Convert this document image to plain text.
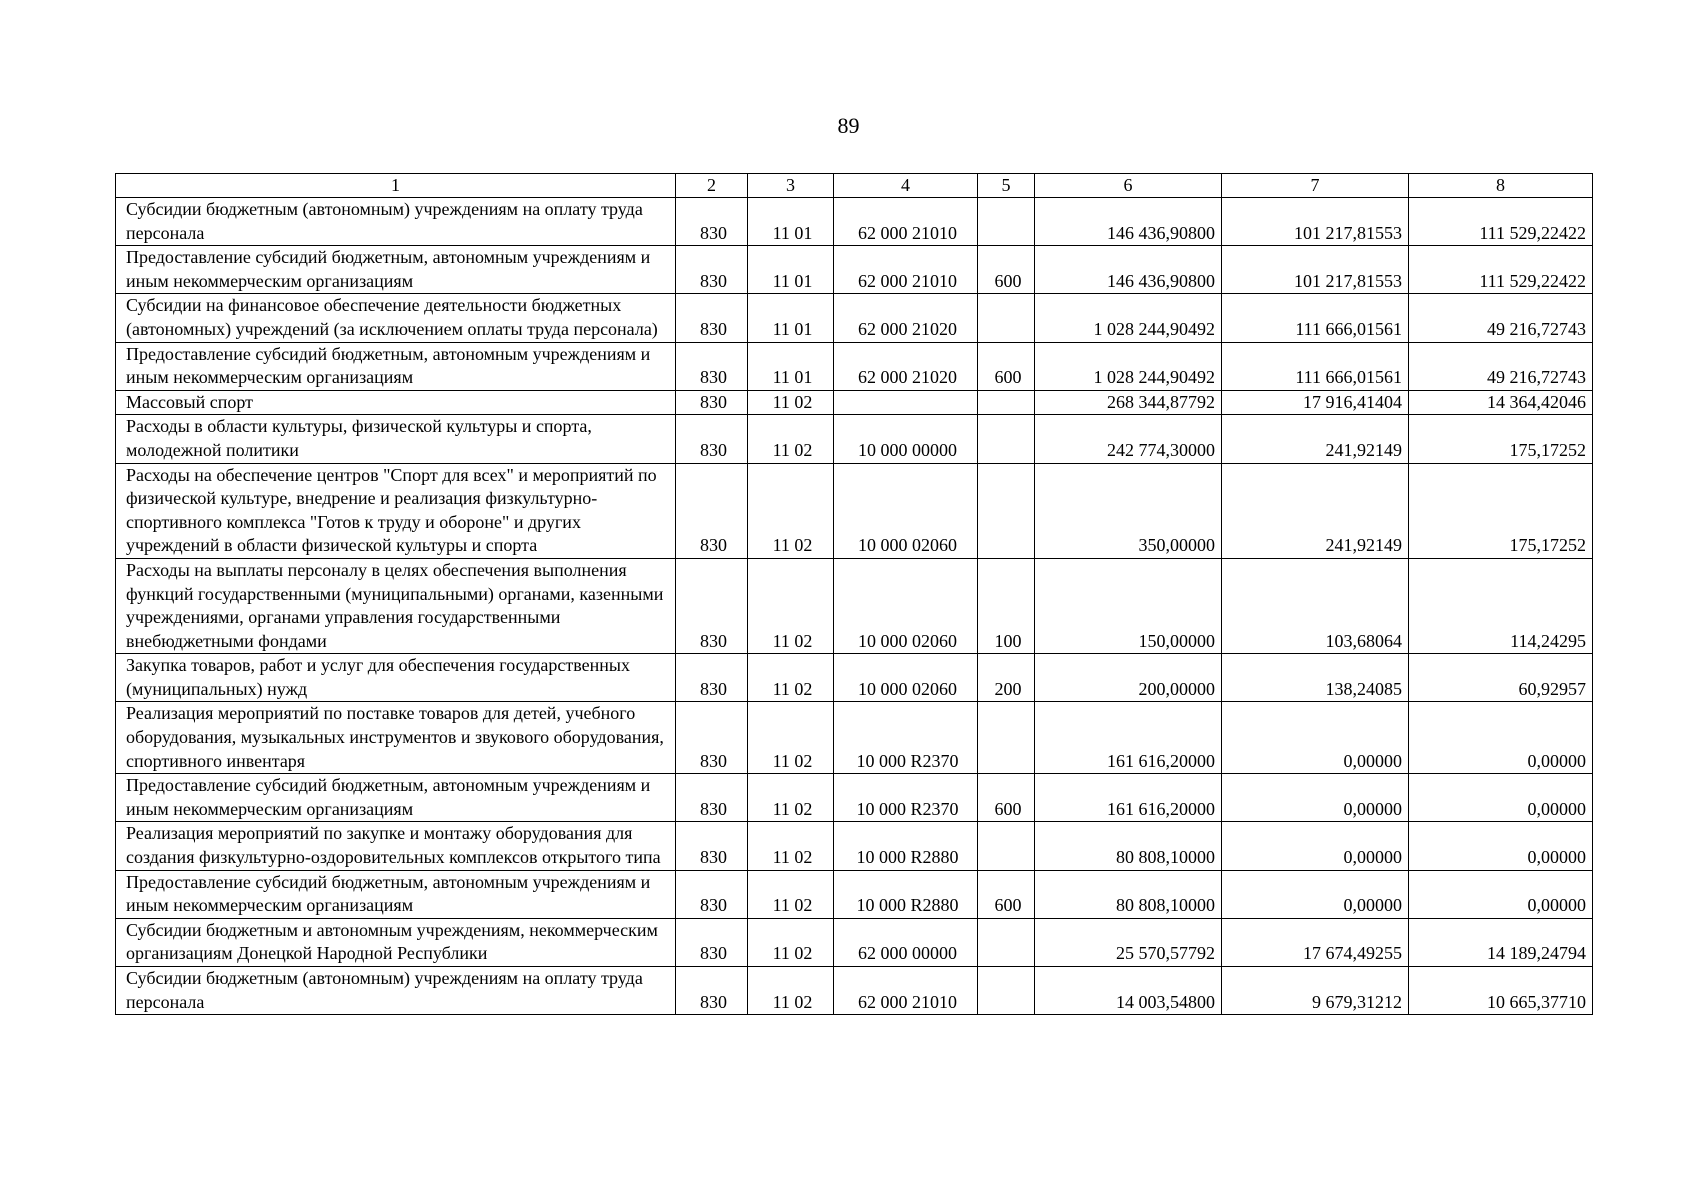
89
1	2	3	4	5	6	7	8
Субсидии бюджетным (автономным) учреждениям на оплату труда персонала	830	11 01	62 000 21010		146 436,90800	101 217,81553	111 529,22422
Предоставление субсидий бюджетным, автономным учреждениям и иным некоммерческим организациям	830	11 01	62 000 21010	600	146 436,90800	101 217,81553	111 529,22422
Субсидии на финансовое обеспечение деятельности бюджетных (автономных) учреждений (за исключением оплаты труда персонала)	830	11 01	62 000 21020		1 028 244,90492	111 666,01561	49 216,72743
Предоставление субсидий бюджетным, автономным учреждениям и иным некоммерческим организациям	830	11 01	62 000 21020	600	1 028 244,90492	111 666,01561	49 216,72743
Массовый спорт	830	11 02			268 344,87792	17 916,41404	14 364,42046
Расходы в области культуры, физической культуры и спорта, молодежной политики	830	11 02	10 000 00000		242 774,30000	241,92149	175,17252
Расходы на обеспечение центров "Спорт для всех" и мероприятий по физической культуре, внедрение и реализация физкультурно-спортивного комплекса "Готов к труду и обороне" и других учреждений в области физической культуры и спорта	830	11 02	10 000 02060		350,00000	241,92149	175,17252
Расходы на выплаты персоналу в целях обеспечения выполнения функций государственными (муниципальными) органами, казенными учреждениями, органами управления государственными внебюджетными фондами	830	11 02	10 000 02060	100	150,00000	103,68064	114,24295
Закупка товаров, работ и услуг для обеспечения государственных (муниципальных) нужд	830	11 02	10 000 02060	200	200,00000	138,24085	60,92957
Реализация мероприятий по поставке товаров для детей, учебного оборудования, музыкальных инструментов и звукового оборудования, спортивного инвентаря	830	11 02	10 000 R2370		161 616,20000	0,00000	0,00000
Предоставление субсидий бюджетным, автономным учреждениям и иным некоммерческим организациям	830	11 02	10 000 R2370	600	161 616,20000	0,00000	0,00000
Реализация мероприятий по закупке и монтажу оборудования для создания физкультурно-оздоровительных комплексов открытого типа	830	11 02	10 000 R2880		80 808,10000	0,00000	0,00000
Предоставление субсидий бюджетным, автономным учреждениям и иным некоммерческим организациям	830	11 02	10 000 R2880	600	80 808,10000	0,00000	0,00000
Субсидии бюджетным и автономным учреждениям, некоммерческим организациям Донецкой Народной Республики	830	11 02	62 000 00000		25 570,57792	17 674,49255	14 189,24794
Субсидии бюджетным (автономным) учреждениям на оплату труда персонала	830	11 02	62 000 21010		14 003,54800	9 679,31212	10 665,37710
